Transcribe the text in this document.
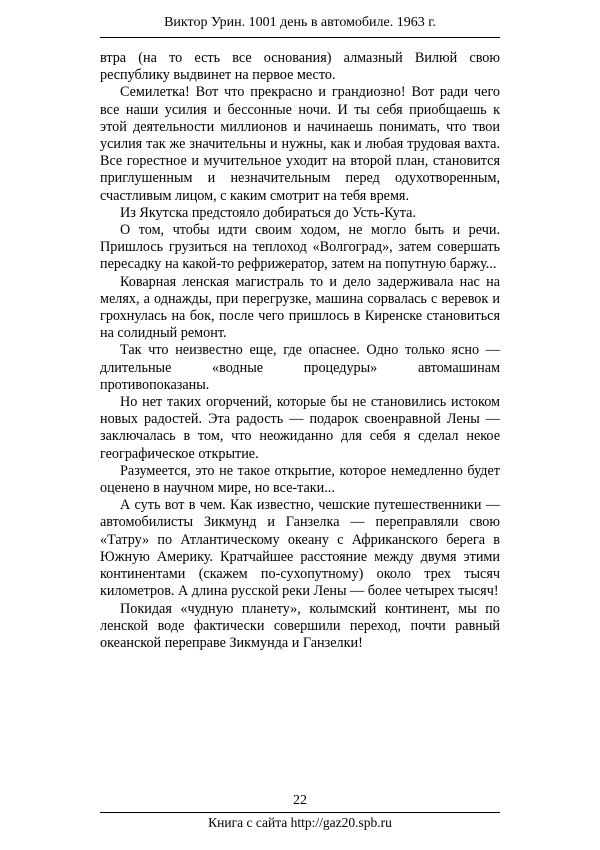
Виктор Урин. 1001 день в автомобиле. 1963 г.

втра (на то есть все основания) алмазный Вилюй свою республику выдвинет на первое место.

Семилетка! Вот что прекрасно и грандиозно! Вот ради чего все наши усилия и бессонные ночи. И ты себя приобщаешь к этой деятельности миллионов и начинаешь понимать, что твои усилия так же значительны и нужны, как и любая трудовая вахта. Все горестное и мучительное уходит на второй план, становится приглушенным и незначительным перед одухотворенным, счастливым лицом, с каким смотрит на тебя время.

Из Якутска предстояло добираться до Усть-Кута.

О том, чтобы идти своим ходом, не могло быть и речи. Пришлось грузиться на теплоход «Волгоград», затем совершать пересадку на какой-то рефрижератор, затем на попутную баржу...

Коварная ленская магистраль то и дело задерживала нас на мелях, а однажды, при перегрузке, машина сорвалась с веревок и грохнулась на бок, после чего пришлось в Киренске становиться на солидный ремонт.

Так что неизвестно еще, где опаснее. Одно только ясно — длительные «водные процедуры» автомашинам противопоказаны.

Но нет таких огорчений, которые бы не становились истоком новых радостей. Эта радость — подарок своенравной Лены — заключалась в том, что неожиданно для себя я сделал некое географическое открытие.

Разумеется, это не такое открытие, которое немедленно будет оценено в научном мире, но все-таки...

А суть вот в чем. Как известно, чешские путешественники — автомобилисты Зикмунд и Ганзелка — переправляли свою «Татру» по Атлантическому океану с Африканского берега в Южную Америку. Кратчайшее расстояние между двумя этими континентами (скажем по-сухопутному) около трех тысяч километров. А длина русской реки Лены — более четырех тысяч!

Покидая «чудную планету», колымский континент, мы по ленской воде фактически совершили переход, почти равный океанской переправе Зикмунда и Ганзелки!

22
Книга с сайта http://gaz20.spb.ru
